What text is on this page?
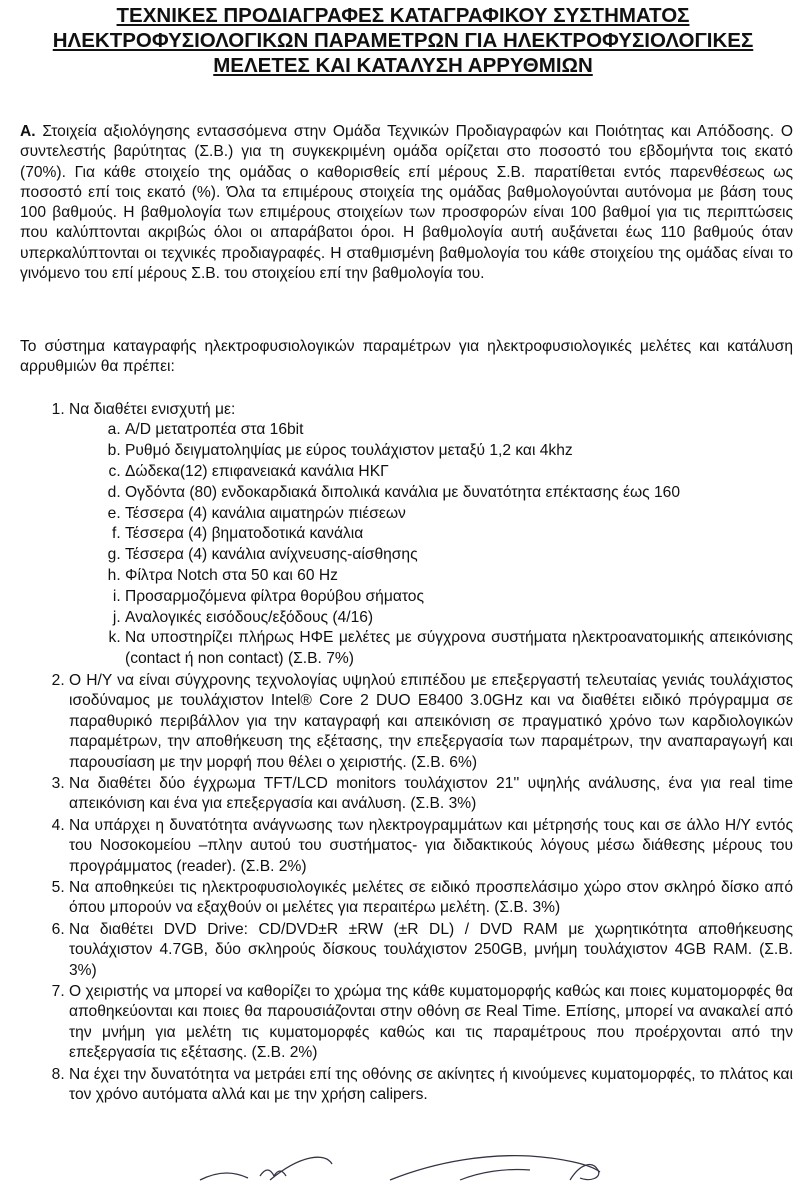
ΤΕΧΝΙΚΕΣ ΠΡΟΔΙΑΓΡΑΦΕΣ ΚΑΤΑΓΡΑΦΙΚΟΥ ΣΥΣΤΗΜΑΤΟΣ
ΗΛΕΚΤΡΟΦΥΣΙΟΛΟΓΙΚΩΝ ΠΑΡΑΜΕΤΡΩΝ ΓΙΑ ΗΛΕΚΤΡΟΦΥΣΙΟΛΟΓΙΚΕΣ
ΜΕΛΕΤΕΣ ΚΑΙ ΚΑΤΑΛΥΣΗ ΑΡΡΥΘΜΙΩΝ

A. Στοιχεία αξιολόγησης εντασσόμενα στην Ομάδα Τεχνικών Προδιαγραφών και Ποιότητας και Απόδοσης. Ο συντελεστής βαρύτητας (Σ.Β.) για τη συγκεκριμένη ομάδα ορίζεται στο ποσοστό του εβδομήντα τοις εκατό (70%). Για κάθε στοιχείο της ομάδας ο καθορισθείς επί μέρους Σ.Β. παρατίθεται εντός παρενθέσεως ως ποσοστό επί τοις εκατό (%). Όλα τα επιμέρους στοιχεία της ομάδας βαθμολογούνται αυτόνομα με βάση τους 100 βαθμούς. Η βαθμολογία των επιμέρους στοιχείων των προσφορών είναι 100 βαθμοί για τις περιπτώσεις που καλύπτονται ακριβώς όλοι οι απαράβατοι όροι. Η βαθμολογία αυτή αυξάνεται έως 110 βαθμούς όταν υπερκαλύπτονται οι τεχνικές προδιαγραφές. Η σταθμισμένη βαθμολογία του κάθε στοιχείου της ομάδας είναι το γινόμενο του επί μέρους Σ.Β. του στοιχείου επί την βαθμολογία του.

Το σύστημα καταγραφής ηλεκτροφυσιολογικών παραμέτρων για ηλεκτροφυσιολογικές μελέτες και κατάλυση αρρυθμιών θα πρέπει:

1. Να διαθέτει ενισχυτή με:
a. A/D μετατροπέα στα 16bit
b. Ρυθμό δειγματοληψίας με εύρος τουλάχιστον μεταξύ 1,2 και 4khz
c. Δώδεκα(12) επιφανειακά κανάλια ΗΚΓ
d. Ογδόντα (80) ενδοκαρδιακά διπολικά κανάλια με δυνατότητα επέκτασης έως 160
e. Τέσσερα (4) κανάλια αιματηρών πιέσεων
f. Τέσσερα (4) βηματοδοτικά κανάλια
g. Τέσσερα (4) κανάλια ανίχνευσης-αίσθησης
h. Φίλτρα Notch στα 50 και 60 Hz
i. Προσαρμοζόμενα φίλτρα θορύβου σήματος
j. Αναλογικές εισόδους/εξόδους (4/16)
k. Να υποστηρίζει πλήρως ΗΦΕ μελέτες με σύγχρονα συστήματα ηλεκτροανατομικής απεικόνισης (contact ή non contact) (Σ.Β. 7%)
2. Ο Η/Υ να είναι σύγχρονης τεχνολογίας υψηλού επιπέδου με επεξεργαστή τελευταίας γενιάς τουλάχιστος ισοδύναμος με τουλάχιστον Intel® Core 2 DUO E8400 3.0GHz και να διαθέτει ειδικό πρόγραμμα σε παραθυρικό περιβάλλον για την καταγραφή και απεικόνιση σε πραγματικό χρόνο των καρδιολογικών παραμέτρων, την αποθήκευση της εξέτασης, την επεξεργασία των παραμέτρων, την αναπαραγωγή και παρουσίαση με την μορφή που θέλει ο χειριστής. (Σ.Β. 6%)
3. Να διαθέτει δύο έγχρωμα TFT/LCD monitors τουλάχιστον 21'' υψηλής ανάλυσης, ένα για real time απεικόνιση και ένα για επεξεργασία και ανάλυση. (Σ.Β. 3%)
4. Να υπάρχει η δυνατότητα ανάγνωσης των ηλεκτρογραμμάτων και μέτρησής τους και σε άλλο Η/Υ εντός του Νοσοκομείου –πλην αυτού του συστήματος- για διδακτικούς λόγους μέσω διάθεσης μέρους του προγράμματος (reader). (Σ.Β. 2%)
5. Να αποθηκεύει τις ηλεκτροφυσιολογικές μελέτες σε ειδικό προσπελάσιμο χώρο στον σκληρό δίσκο από όπου μπορούν να εξαχθούν οι μελέτες για περαιτέρω μελέτη. (Σ.Β. 3%)
6. Να διαθέτει DVD Drive: CD/DVD±R ±RW (±R DL) / DVD RAM με χωρητικότητα αποθήκευσης τουλάχιστον 4.7GB, δύο σκληρούς δίσκους τουλάχιστον 250GB, μνήμη τουλάχιστον 4GB RAM. (Σ.Β. 3%)
7. Ο χειριστής να μπορεί να καθορίζει το χρώμα της κάθε κυματομορφής καθώς και ποιες κυματομορφές θα αποθηκεύονται και ποιες θα παρουσιάζονται στην οθόνη σε Real Time. Επίσης, μπορεί να ανακαλεί από την μνήμη για μελέτη τις κυματομορφές καθώς και τις παραμέτρους που προέρχονται από την επεξεργασία τις εξέτασης. (Σ.Β. 2%)
8. Να έχει την δυνατότητα να μετράει επί της οθόνης σε ακίνητες ή κινούμενες κυματομορφές, το πλάτος και τον χρόνο αυτόματα αλλά και με την χρήση calipers.
